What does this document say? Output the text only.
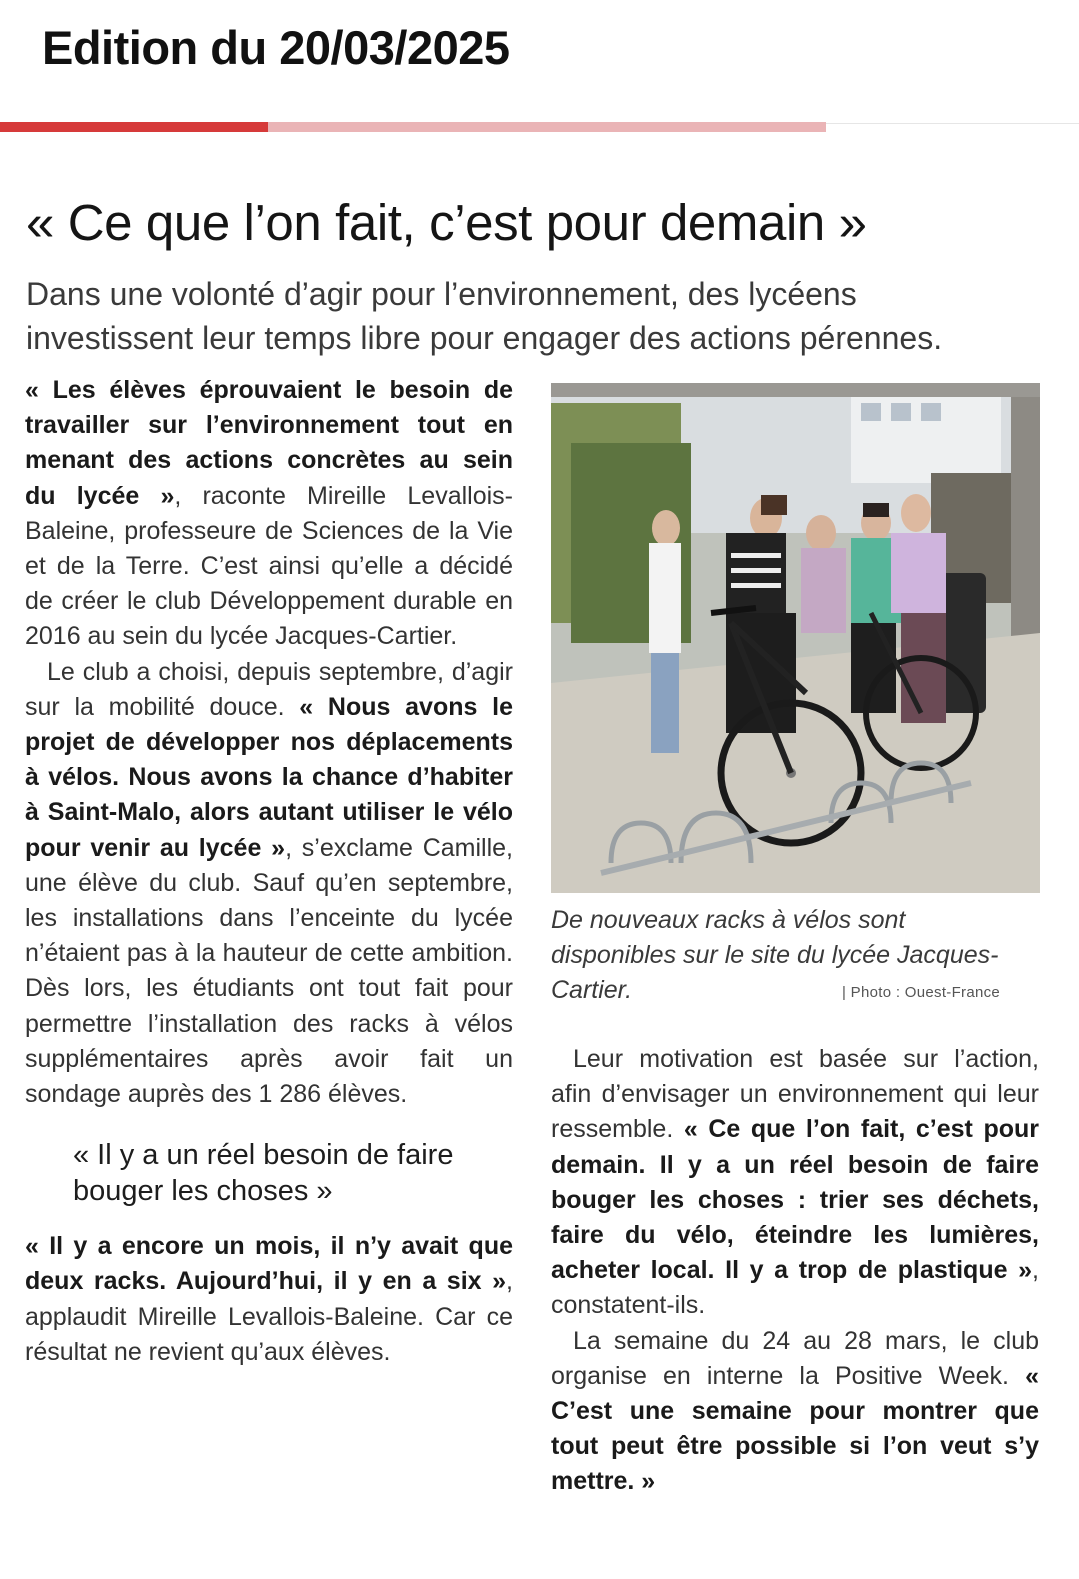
Edition du 20/03/2025
« Ce que l’on fait, c’est pour demain »
Dans une volonté d’agir pour l’environnement, des lycéens investissent leur temps libre pour engager des actions pérennes.

« Les élèves éprouvaient le besoin de travailler sur l’environnement tout en menant des actions concrètes au sein du lycée », raconte Mireille Levallois-Baleine, professeure de Sciences de la Vie et de la Terre. C’est ainsi qu’elle a décidé de créer le club Développement durable en 2016 au sein du lycée Jacques-Cartier.

Le club a choisi, depuis septembre, d’agir sur la mobilité douce. « Nous avons le projet de développer nos déplacements à vélos. Nous avons la chance d’habiter à Saint-Malo, alors autant utiliser le vélo pour venir au lycée », s’exclame Camille, une élève du club. Sauf qu’en septembre, les installations dans l’enceinte du lycée n’étaient pas à la hauteur de cette ambition. Dès lors, les étudiants ont tout fait pour permettre l’installation des racks à vélos supplémentaires après avoir fait un sondage auprès des 1 286 élèves.

« Il y a un réel besoin de faire bouger les choses »

« Il y a encore un mois, il n’y avait que deux racks. Aujourd’hui, il y en a six », applaudit Mireille Levallois-Baleine. Car ce résultat ne revient qu’aux élèves.

De nouveaux racks à vélos sont disponibles sur le site du lycée Jacques-Cartier.	| Photo : Ouest-France

Leur motivation est basée sur l’action, afin d’envisager un environnement qui leur ressemble. « Ce que l’on fait, c’est pour demain. Il y a un réel besoin de faire bouger les choses : trier ses déchets, faire du vélo, éteindre les lumières, acheter local. Il y a trop de plastique », constatent-ils.

La semaine du 24 au 28 mars, le club organise en interne la Positive Week. « C’est une semaine pour montrer que tout peut être possible si l’on veut s’y mettre. »
